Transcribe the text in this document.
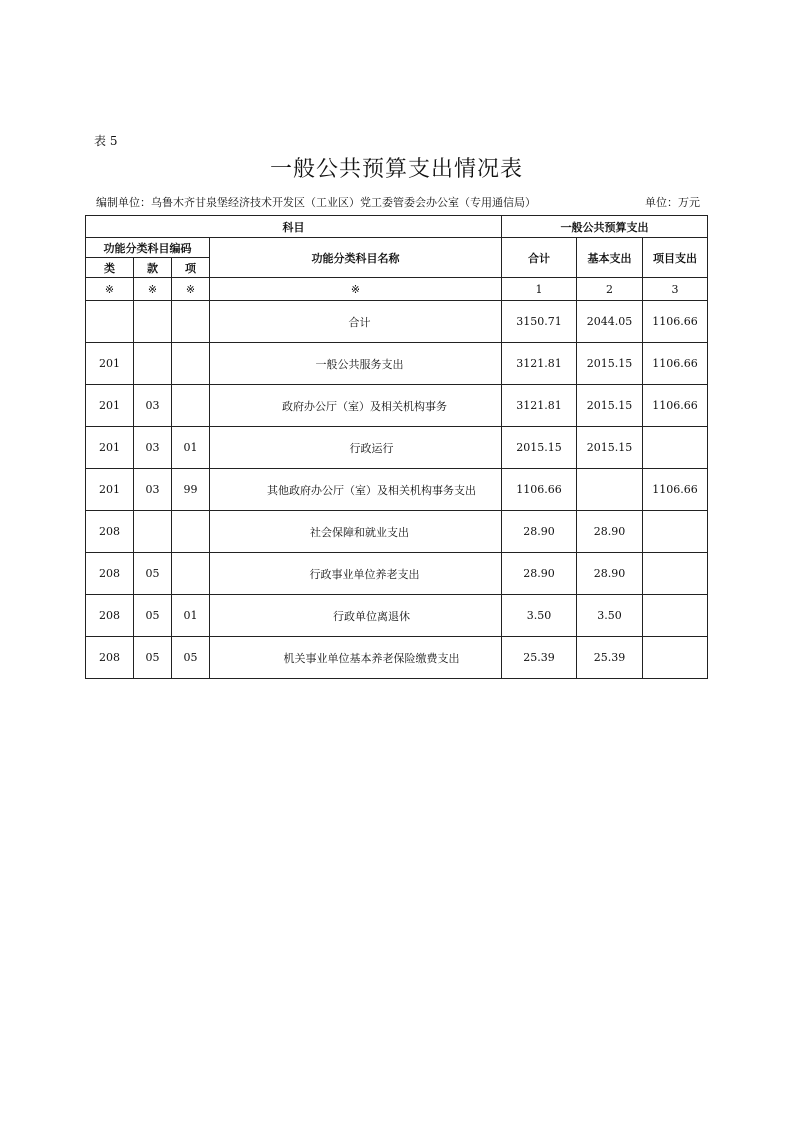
表 5
一般公共预算支出情况表
编制单位：乌鲁木齐甘泉堡经济技术开发区（工业区）党工委管委会办公室（专用通信局）	单位：万元
科目				一般公共预算支出		
功能分类科目编码			功能分类科目名称	合计	基本支出	项目支出
类	款	项				
※	※	※	※	1	2	3
			合计	3150.71	2044.05	1106.66
201			一般公共服务支出	3121.81	2015.15	1106.66
201	03		政府办公厅（室）及相关机构事务	3121.81	2015.15	1106.66
201	03	01	行政运行	2015.15	2015.15	
201	03	99	其他政府办公厅（室）及相关机构事务支出	1106.66		1106.66
208			社会保障和就业支出	28.90	28.90	
208	05		行政事业单位养老支出	28.90	28.90	
208	05	01	行政单位离退休	3.50	3.50	
208	05	05	机关事业单位基本养老保险缴费支出	25.39	25.39	
